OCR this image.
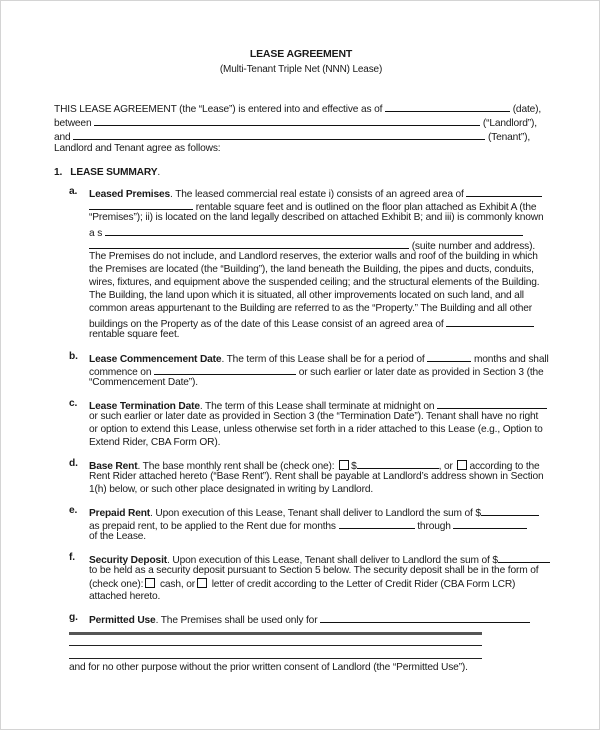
LEASE AGREEMENT
(Multi-Tenant Triple Net (NNN) Lease)
THIS LEASE AGREEMENT (the “Lease”) is entered into and effective as of	(date),
between	(“Landlord”),
and	(Tenant”),
Landlord and Tenant agree as follows:
1. LEASE SUMMARY.
a. Leased Premises. The leased commercial real estate i) consists of an agreed area of
rentable square feet and is outlined on the floor plan attached as Exhibit A (the
“Premises”); ii) is located on the land legally described on attached Exhibit B; and iii) is commonly known
a s
(suite number and address).
The Premises do not include, and Landlord reserves, the exterior walls and roof of the building in which
the Premises are located (the “Building”), the land beneath the Building, the pipes and ducts, conduits,
wires, fixtures, and equipment above the suspended ceiling; and the structural elements of the Building.
The Building, the land upon which it is situated, all other improvements located on such land, and all
common areas appurtenant to the Building are referred to as the “Property.” The Building and all other
buildings on the Property as of the date of this Lease consist of an agreed area of
rentable square feet.
b. Lease Commencement Date. The term of this Lease shall be for a period of	months and shall
commence on	or such earlier or later date as provided in Section 3 (the
“Commencement Date”).
c. Lease Termination Date. The term of this Lease shall terminate at midnight on
or such earlier or later date as provided in Section 3 (the “Termination Date”). Tenant shall have no right
or option to extend this Lease, unless otherwise set forth in a rider attached to this Lease (e.g., Option to
Extend Rider, CBA Form OR).
d. Base Rent. The base monthly rent shall be (check one): $	, or according to the
Rent Rider attached hereto (“Base Rent”). Rent shall be payable at Landlord’s address shown in Section
1(h) below, or such other place designated in writing by Landlord.
e. Prepaid Rent. Upon execution of this Lease, Tenant shall deliver to Landlord the sum of $
as prepaid rent, to be applied to the Rent due for months	through
of the Lease.
f. Security Deposit. Upon execution of this Lease, Tenant shall deliver to Landlord the sum of $
to be held as a security deposit pursuant to Section 5 below. The security deposit shall be in the form of
(check one): cash, or letter of credit according to the Letter of Credit Rider (CBA Form LCR)
attached hereto.
g. Permitted Use. The Premises shall be used only for
and for no other purpose without the prior written consent of Landlord (the “Permitted Use”).
